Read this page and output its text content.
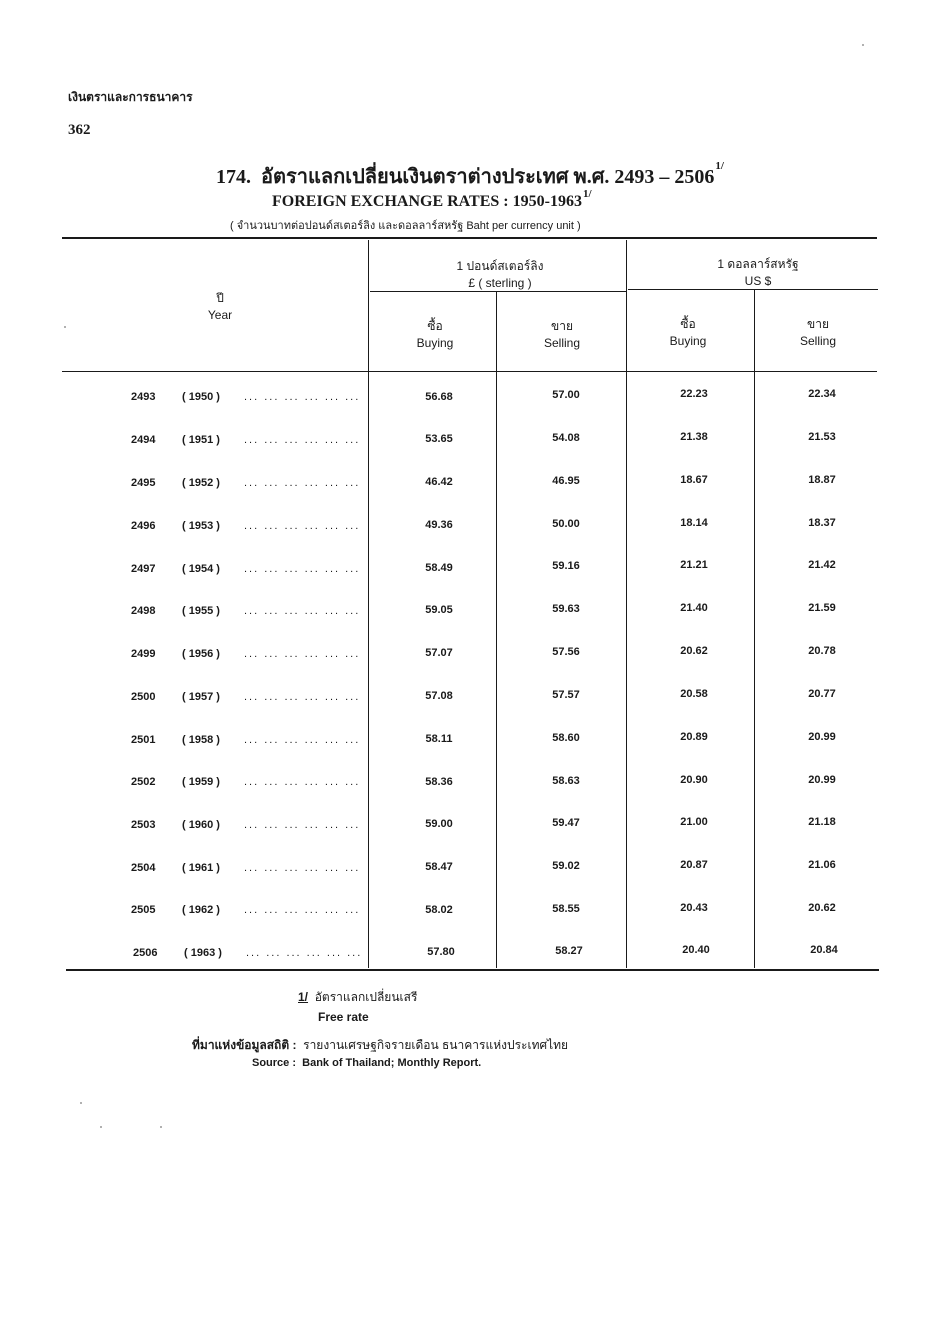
เงินตราและการธนาคาร
362
174. อัตราแลกเปลี่ยนเงินตราต่างประเทศ พ.ศ. $2493 - 2506^{1/}$
FOREIGN EXCHANGE RATES : $1950-1963^{1/}$
( จำนวนบาทต่อปอนด์สเตอร์ลิง และดอลลาร์สหรัฐ Baht per currency unit )
ปี
Year
1 ปอนด์สเตอร์ลิง
£ ( sterling )
1 ดอลลาร์สหรัฐ
US $
ซื้อ
Buying
ขาย
Selling
ซื้อ
Buying
ขาย
Selling
2493 ( 1950 ) ... ... ... ... ... ...	56.68	57.00	22.23	22.34
2494 ( 1951 ) ... ... ... ... ... ...	53.65	54.08	21.38	21.53
2495 ( 1952 ) ... ... ... ... ... ...	46.42	46.95	18.67	18.87
2496 ( 1953 ) ... ... ... ... ... ...	49.36	50.00	18.14	18.37
2497 ( 1954 ) ... ... ... ... ... ...	58.49	59.16	21.21	21.42
2498 ( 1955 ) ... ... ... ... ... ...	59.05	59.63	21.40	21.59
2499 ( 1956 ) ... ... ... ... ... ...	57.07	57.56	20.62	20.78
2500 ( 1957 ) ... ... ... ... ... ...	57.08	57.57	20.58	20.77
2501 ( 1958 ) ... ... ... ... ... ...	58.11	58.60	20.89	20.99
2502 ( 1959 ) ... ... ... ... ... ...	58.36	58.63	20.90	20.99
2503 ( 1960 ) ... ... ... ... ... ...	59.00	59.47	21.00	21.18
2504 ( 1961 ) ... ... ... ... ... ...	58.47	59.02	20.87	21.06
2505 ( 1962 ) ... ... ... ... ... ...	58.02	58.55	20.43	20.62
2506 ( 1963 ) ... ... ... ... ... ...	57.80	58.27	20.40	20.84
1/ อัตราแลกเปลี่ยนเสรี
Free rate
ที่มาแห่งข้อมูลสถิติ : รายงานเศรษฐกิจรายเดือน ธนาคารแห่งประเทศไทย
Source : Bank of Thailand; Monthly Report.
